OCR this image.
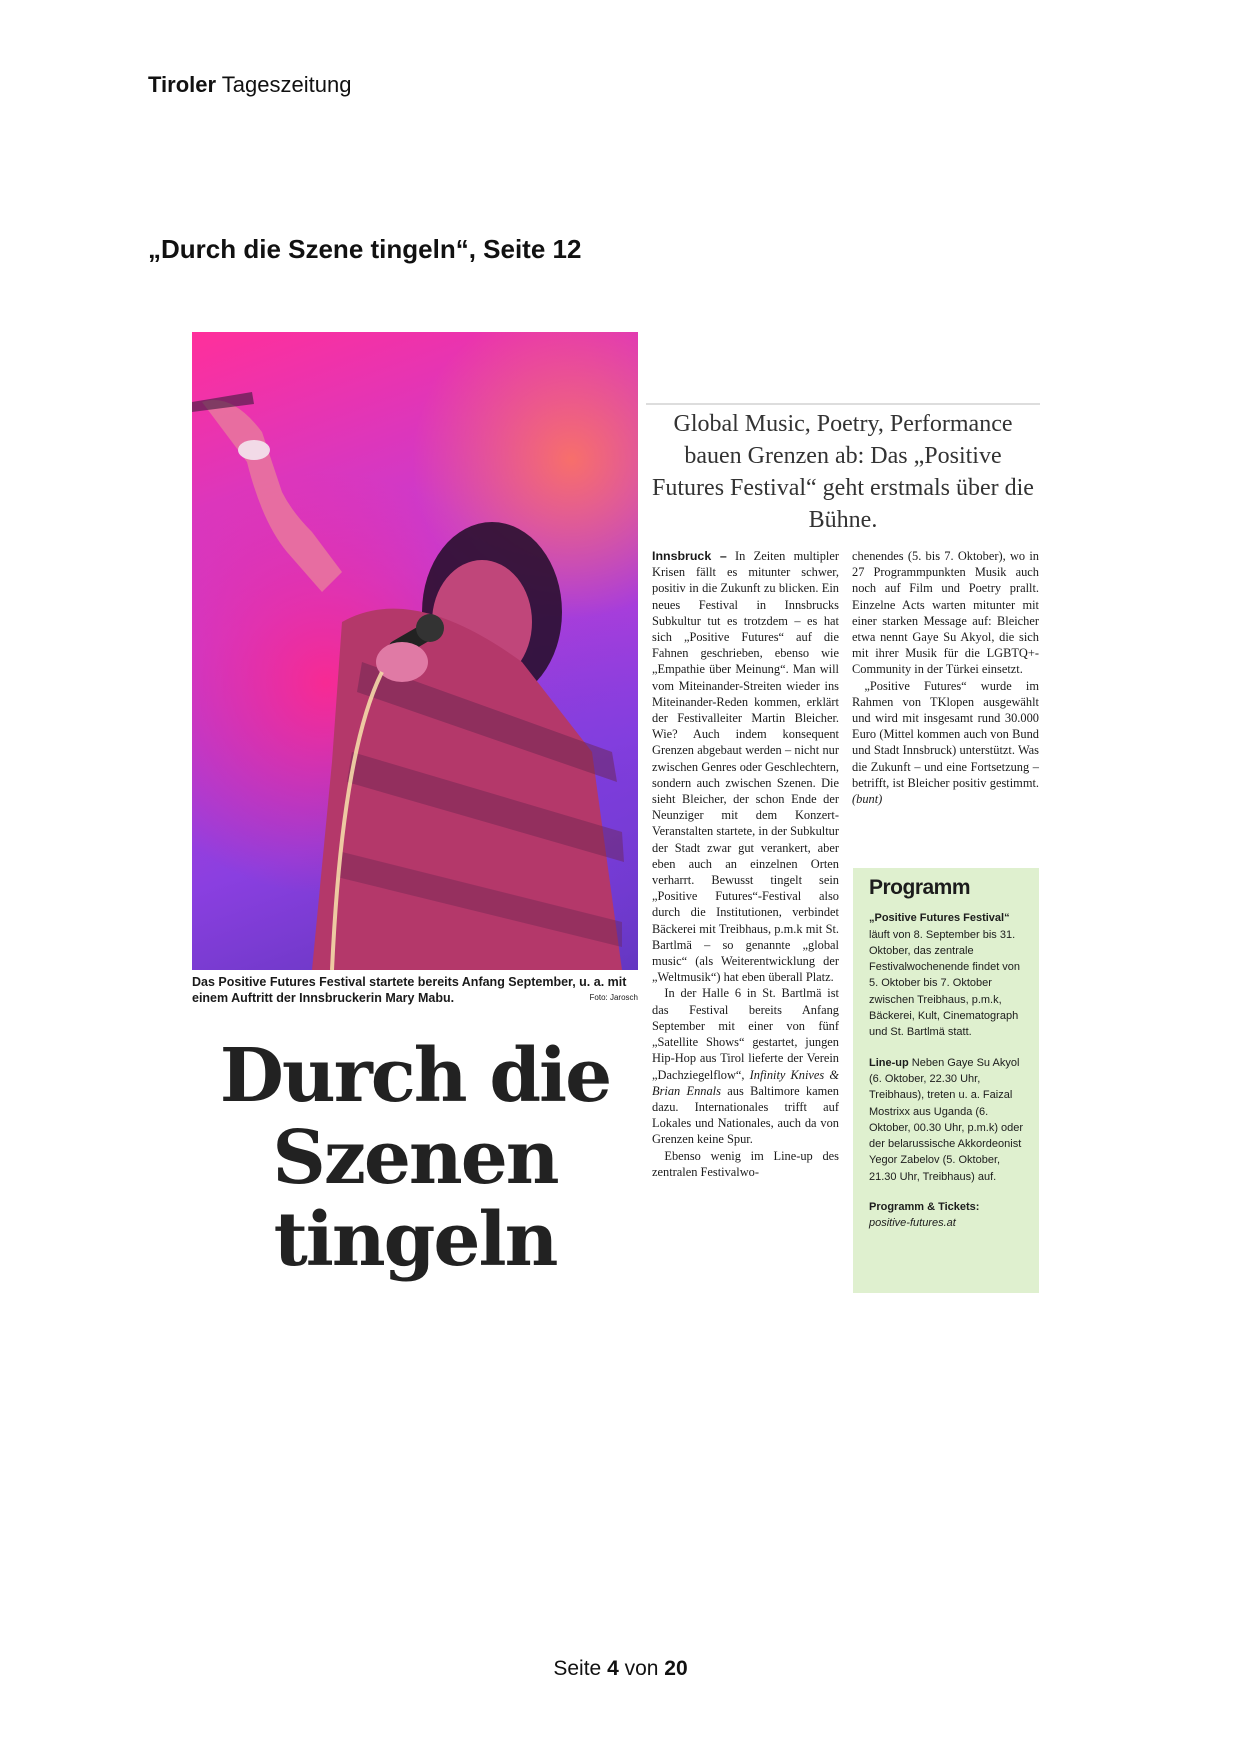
Tiroler Tageszeitung
„Durch die Szene tingeln“, Seite 12
Das Positive Futures Festival startete bereits Anfang September, u. a. mit einem Auftritt der Innsbruckerin Mary Mabu.	Foto: Jarosch
Durch die Szenen tingeln
Global Music, Poetry, Performance bauen Grenzen ab: Das „Positive Futures Festival“ geht erstmals über die Bühne.
Innsbruck – In Zeiten multipler Krisen fällt es mitunter schwer, positiv in die Zukunft zu blicken. Ein neues Festival in Innsbrucks Subkultur tut es trotzdem – es hat sich „Positive Futures“ auf die Fahnen geschrieben, ebenso wie „Empathie über Meinung“. Man will vom Miteinander-Streiten wieder ins Miteinander-Reden kommen, erklärt der Festivalleiter Martin Bleicher. Wie? Auch indem konsequent Grenzen abgebaut werden – nicht nur zwischen Genres oder Geschlechtern, sondern auch zwischen Szenen. Die sieht Bleicher, der schon Ende der Neunziger mit dem Konzert-Veranstalten startete, in der Subkultur der Stadt zwar gut verankert, aber eben auch an einzelnen Orten verharrt. Bewusst tingelt sein „Positive Futures“-Festival also durch die Institutionen, verbindet Bäckerei mit Treibhaus, p.m.k mit St. Bartlmä – so genannte „global music“ (als Weiterentwicklung der „Weltmusik“) hat eben überall Platz.
 In der Halle 6 in St. Bartlmä ist das Festival bereits Anfang September mit einer von fünf „Satellite Shows“ gestartet, jungen Hip-Hop aus Tirol lieferte der Verein „Dachziegelflow“, Infinity Knives & Brian Ennals aus Baltimore kamen dazu. Internationales trifft auf Lokales und Nationales, auch da von Grenzen keine Spur.
 Ebenso wenig im Line-up des zentralen Festivalwo-
chenendes (5. bis 7. Oktober), wo in 27 Programmpunkten Musik auch noch auf Film und Poetry prallt. Einzelne Acts warten mitunter mit einer starken Message auf: Bleicher etwa nennt Gaye Su Akyol, die sich mit ihrer Musik für die LGBTQ+-Community in der Türkei einsetzt.
 „Positive Futures“ wurde im Rahmen von TKlopen ausgewählt und wird mit insgesamt rund 30.000 Euro (Mittel kommen auch von Bund und Stadt Innsbruck) unterstützt. Was die Zukunft – und eine Fortsetzung – betrifft, ist Bleicher positiv gestimmt. (bunt)
Programm

„Positive Futures Festival“
läuft von 8. September bis 31. Oktober, das zentrale Festivalwochenende findet von 5. Oktober bis 7. Oktober zwischen Treibhaus, p.m.k, Bäckerei, Kult, Cinematograph und St. Bartlmä statt.

Line-up Neben Gaye Su Akyol (6. Oktober, 22.30 Uhr, Treibhaus), treten u. a. Faizal Mostrixx aus Uganda (6. Oktober, 00.30 Uhr, p.m.k) oder der belarussische Akkordeonist Yegor Zabelov (5. Oktober, 21.30 Uhr, Treibhaus) auf.

Programm & Tickets:
positive-futures.at

Seite 4 von 20
